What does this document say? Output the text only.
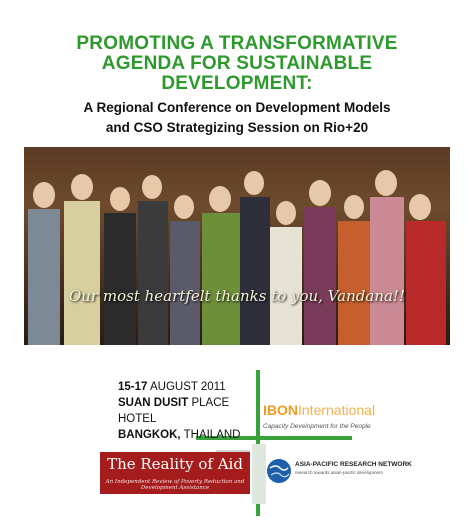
PROMOTING A TRANSFORMATIVE
AGENDA FOR SUSTAINABLE
DEVELOPMENT:
A Regional Conference on Development Models
and CSO Strategizing Session on Rio+20
Our most heartfelt thanks to you, Vandana!!
15-17 AUGUST 2011
SUAN DUSIT PLACE HOTEL
BANGKOK, THAILAND
IBONInternational
Capacity Development for the People
The Reality of Aid
An Independent Review of Poverty Reduction and Development Assistance
ASIA-PACIFIC RESEARCH NETWORK
research towards asian-pacific development
